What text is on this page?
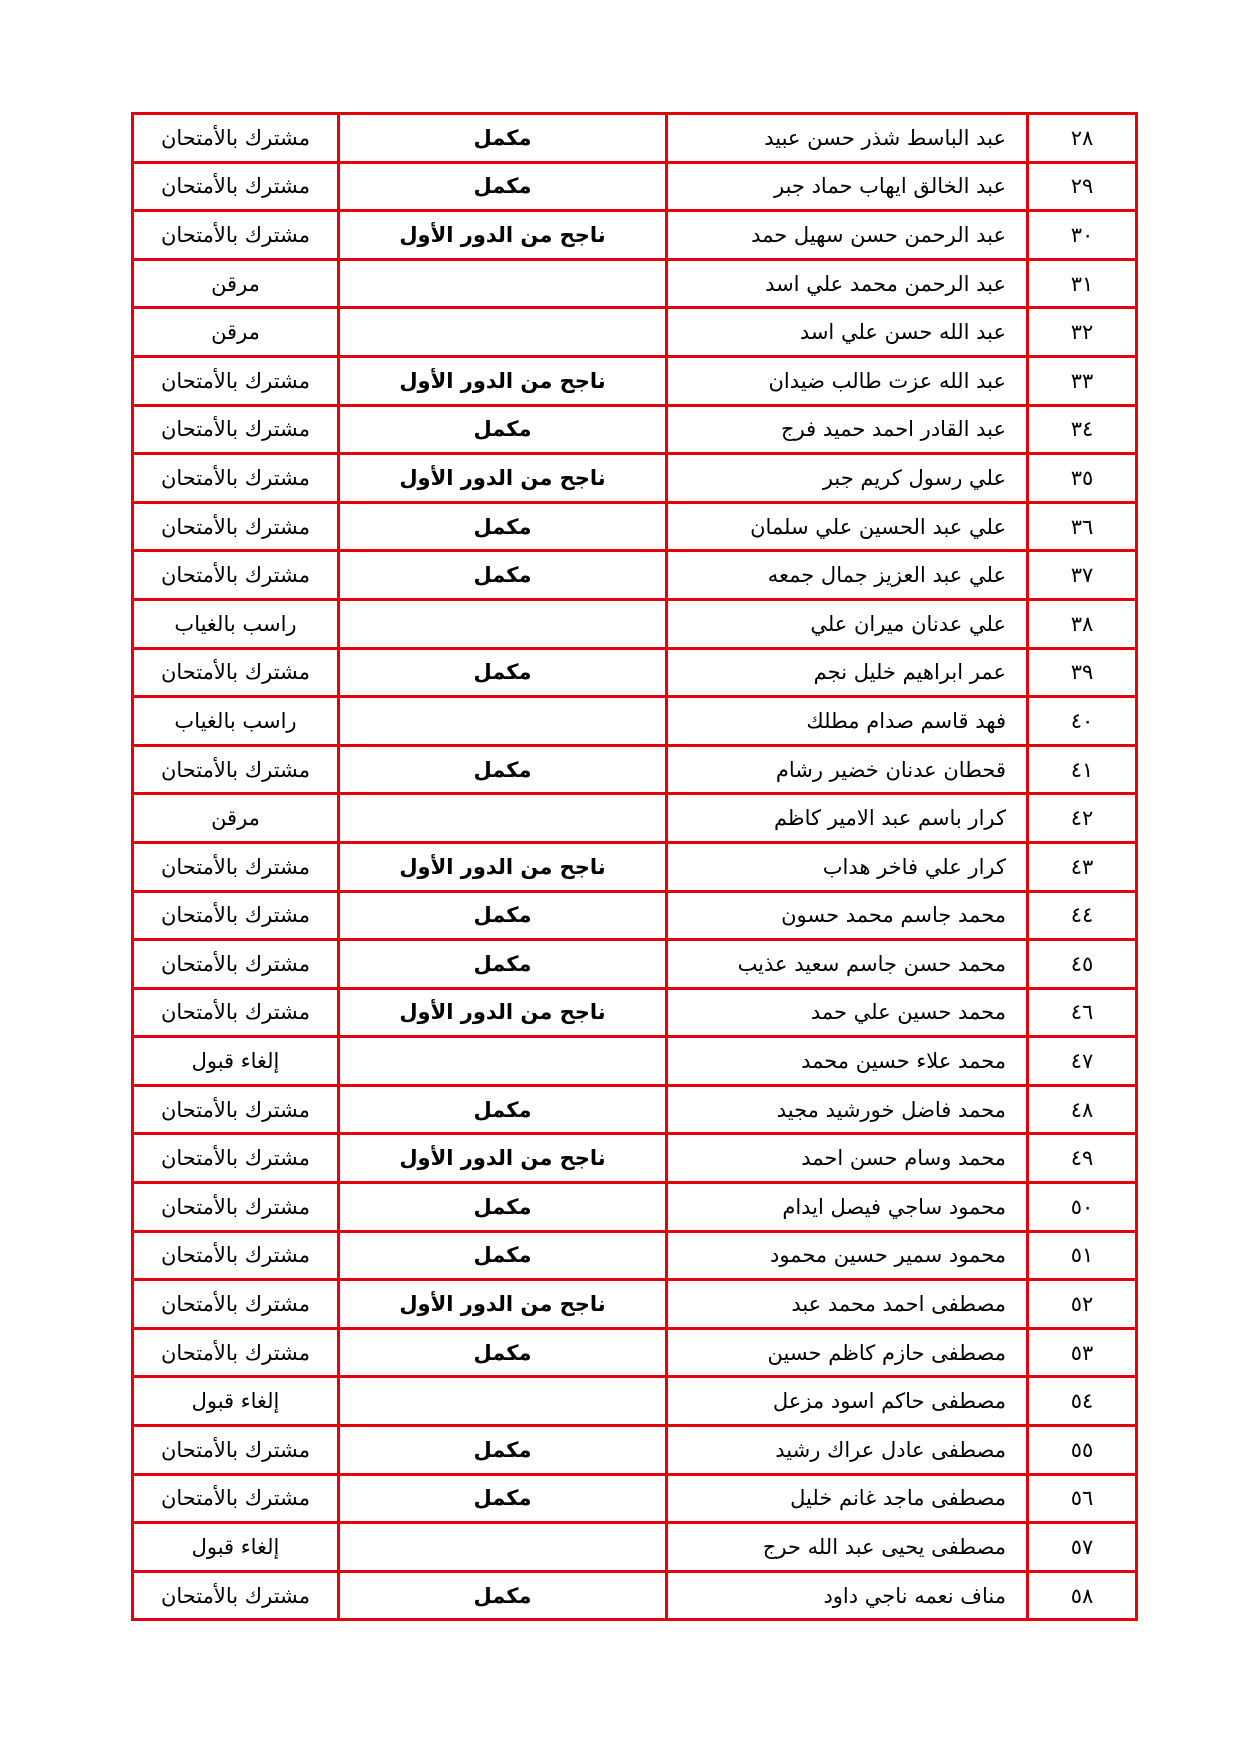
٢٨	عبد الباسط شذر حسن عبيد	مكمل	مشترك بالأمتحان
٢٩	عبد الخالق ايهاب حماد جبر	مكمل	مشترك بالأمتحان
٣٠	عبد الرحمن حسن سهيل حمد	ناجح من الدور الأول	مشترك بالأمتحان
٣١	عبد الرحمن محمد علي اسد		مرقن
٣٢	عبد الله حسن علي اسد		مرقن
٣٣	عبد الله عزت طالب ضيدان	ناجح من الدور الأول	مشترك بالأمتحان
٣٤	عبد القادر احمد حميد فرج	مكمل	مشترك بالأمتحان
٣٥	علي رسول كريم جبر	ناجح من الدور الأول	مشترك بالأمتحان
٣٦	علي عبد الحسين علي سلمان	مكمل	مشترك بالأمتحان
٣٧	علي عبد العزيز جمال جمعه	مكمل	مشترك بالأمتحان
٣٨	علي عدنان ميران علي		راسب بالغياب
٣٩	عمر ابراهيم خليل نجم	مكمل	مشترك بالأمتحان
٤٠	فهد قاسم صدام مطلك		راسب بالغياب
٤١	قحطان عدنان خضير رشام	مكمل	مشترك بالأمتحان
٤٢	كرار باسم عبد الامير كاظم		مرقن
٤٣	كرار علي فاخر هداب	ناجح من الدور الأول	مشترك بالأمتحان
٤٤	محمد جاسم محمد حسون	مكمل	مشترك بالأمتحان
٤٥	محمد حسن جاسم سعيد عذيب	مكمل	مشترك بالأمتحان
٤٦	محمد حسين علي حمد	ناجح من الدور الأول	مشترك بالأمتحان
٤٧	محمد علاء حسين محمد		إلغاء قبول
٤٨	محمد فاضل خورشيد مجيد	مكمل	مشترك بالأمتحان
٤٩	محمد وسام حسن احمد	ناجح من الدور الأول	مشترك بالأمتحان
٥٠	محمود ساجي فيصل ايدام	مكمل	مشترك بالأمتحان
٥١	محمود سمير حسين محمود	مكمل	مشترك بالأمتحان
٥٢	مصطفى احمد محمد عبد	ناجح من الدور الأول	مشترك بالأمتحان
٥٣	مصطفى حازم كاظم حسين	مكمل	مشترك بالأمتحان
٥٤	مصطفى حاكم اسود مزعل		إلغاء قبول
٥٥	مصطفى عادل عراك رشيد	مكمل	مشترك بالأمتحان
٥٦	مصطفى ماجد غانم خليل	مكمل	مشترك بالأمتحان
٥٧	مصطفى يحيى عبد الله حرج		إلغاء قبول
٥٨	مناف نعمه ناجي داود	مكمل	مشترك بالأمتحان
